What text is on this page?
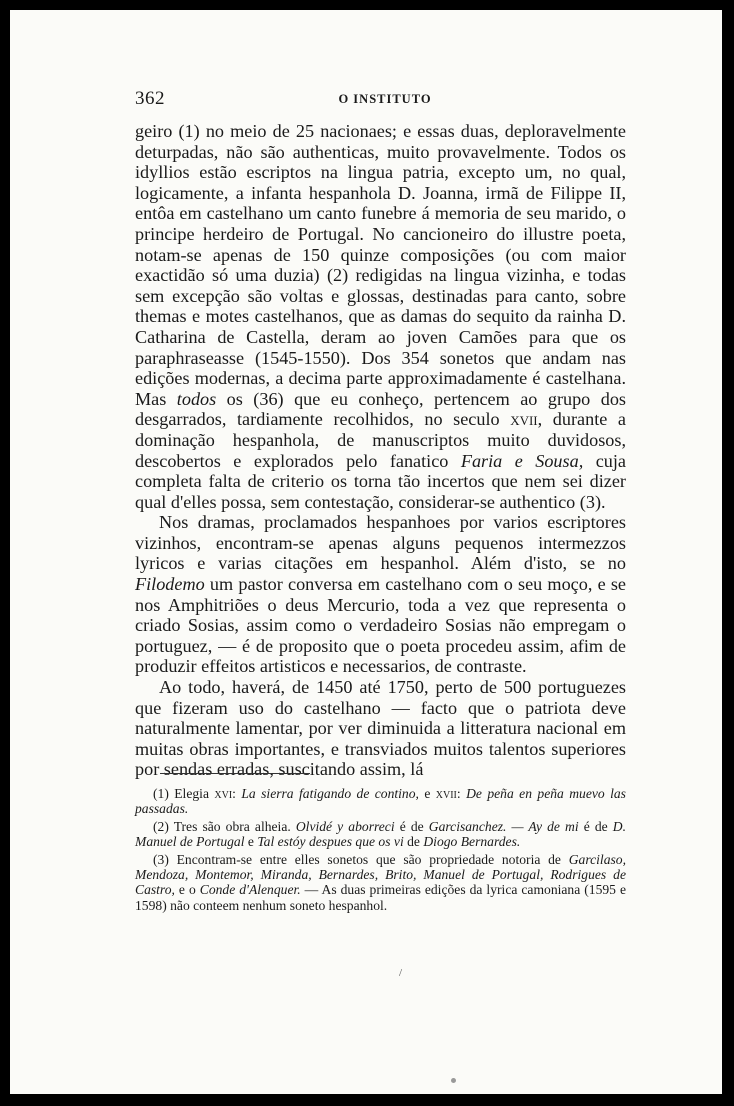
362	O INSTITUTO

geiro (1) no meio de 25 nacionaes; e essas duas, deploravelmente deturpadas, não são authenticas, muito provavelmente. Todos os idyllios estão escriptos na lingua patria, excepto um, no qual, logicamente, a infanta hespanhola D. Joanna, irmã de Filippe II, entôa em castelhano um canto funebre á memoria de seu marido, o principe herdeiro de Portugal. No cancioneiro do illustre poeta, notam-se apenas de 150 quinze composições (ou com maior exactidão só uma duzia) (2) redigidas na lingua vizinha, e todas sem excepção são voltas e glossas, destinadas para canto, sobre themas e motes castelhanos, que as damas do sequito da rainha D. Catharina de Castella, deram ao joven Camões para que os paraphraseasse (1545-1550). Dos 354 sonetos que andam nas edições modernas, a decima parte approximadamente é castelhana. Mas todos os (36) que eu conheço, pertencem ao grupo dos desgarrados, tardiamente recolhidos, no seculo xvii, durante a dominação hespanhola, de manuscriptos muito duvidosos, descobertos e explorados pelo fanatico Faria e Sousa, cuja completa falta de criterio os torna tão incertos que nem sei dizer qual d'elles possa, sem contestação, considerar-se authentico (3).

Nos dramas, proclamados hespanhoes por varios escriptores vizinhos, encontram-se apenas alguns pequenos intermezzos lyricos e varias citações em hespanhol. Além d'isto, se no Filodemo um pastor conversa em castelhano com o seu moço, e se nos Amphitriões o deus Mercurio, toda a vez que representa o criado Sosias, assim como o verdadeiro Sosias não empregam o portuguez, — é de proposito que o poeta procedeu assim, afim de produzir effeitos artisticos e necessarios, de contraste.

Ao todo, haverá, de 1450 até 1750, perto de 500 portuguezes que fizeram uso do castelhano — facto que o patriota deve naturalmente lamentar, por ver diminuida a litteratura nacional em muitas obras importantes, e transviados muitos talentos superiores por sendas erradas, suscitando assim, lá

(1) Elegia xvi: La sierra fatigando de contino, e xvii: De peña en peña muevo las passadas.

(2) Tres são obra alheia. Olvidé y aborreci é de Garcisanchez. — Ay de mi é de D. Manuel de Portugal e Tal estóy despues que os vi de Diogo Bernardes.

(3) Encontram-se entre elles sonetos que são propriedade notoria de Garcilaso, Mendoza, Montemor, Miranda, Bernardes, Brito, Manuel de Portugal, Rodrigues de Castro, e o Conde d'Alenquer. — As duas primeiras edições da lyrica camoniana (1595 e 1598) não conteem nenhum soneto hespanhol.

/
